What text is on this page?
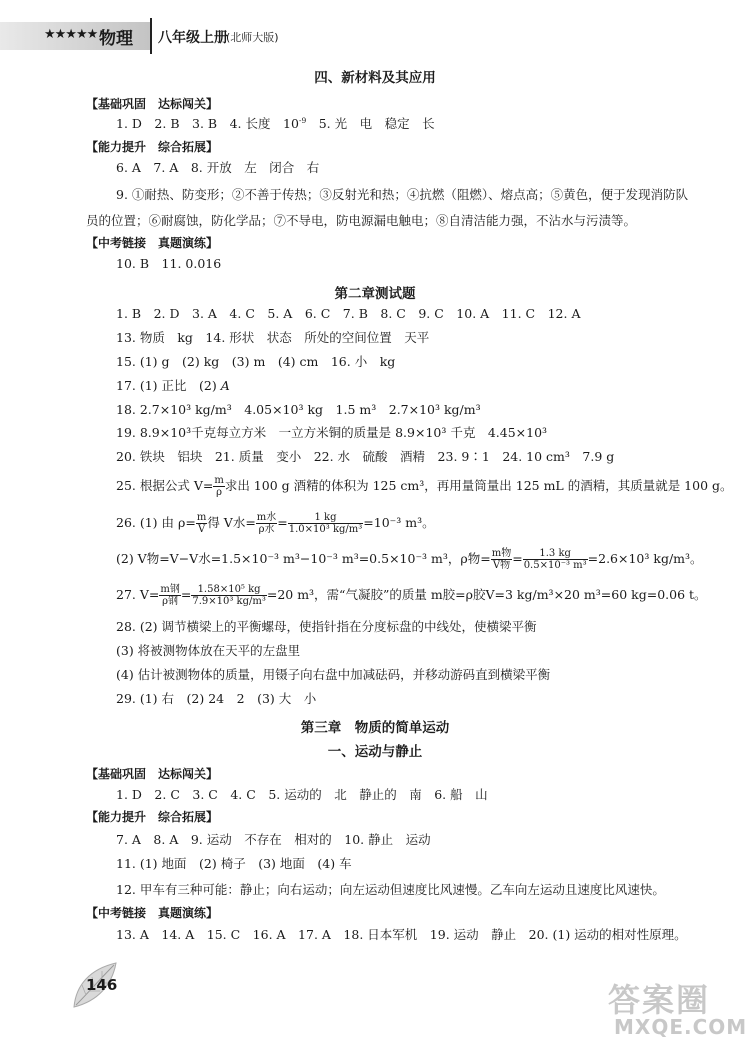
★★★★★ 物理 八年级上册
(北师大版)
四、新材料及其应用
【基础巩固　达标闯关】
1. D　2. B　3. B　4. 长度　$10^{-9}$　5. 光　电　稳定　长
【能力提升　综合拓展】
6. A　7. A　8. 开放　左　闭合　右
9. ①耐热、防变形；②不善于传热；③反射光和热；④抗燃（阻燃）、熔点高；⑤黄色，便于发现消防队
员的位置；⑥耐腐蚀，防化学品；⑦不导电，防电源漏电触电；⑧自清洁能力强，不沾水与污渍等。
【中考链接　真题演练】
10. B　11. 0.016
第二章测试题
1. B　2. D　3. A　4. C　5. A　6. C　7. B　8. C　9. C　10. A　11. C　12. A
13. 物质　kg　14. 形状　状态　所处的空间位置　天平
15. (1) g　(2) kg　(3) m　(4) cm　16. 小　kg
17. (1) 正比　(2) A
18. 2.7×10³ kg/m³　4.05×10³ kg　1.5 m³　2.7×10³ kg/m³
19. 8.9×10³千克每立方米　一立方米铜的质量是 8.9×10³ 千克　4.45×10³
20. 铁块　铝块　21. 质量　变小　22. 水　硫酸　酒精　23. 9∶1　24. 10 cm³　7.9 g
25. 根据公式 $V= \frac{m}{\rho}$ 求出 100 g 酒精的体积为 125 cm³，再用量筒量出 125 mL 的酒精，其质量就是 100 g。
26. (1) 由 $\rho= \frac{m}{V}$ 得 V水= $\frac{\text{m水}}{\text{ρ水}} = \frac{1 kg}{\text{1.0×10³ kg/m³}} =10^{-3}$ m³。
(2) V物=V−V水=1.5×10⁻³ m³−10⁻³ m³=0.5×10⁻³ m³，ρ物= $\frac{\text{m物}}{\text{V物}} = \frac{1.3 kg}{\text{0.5×10⁻³ m³}} =2.6\times 10^3$ kg/m³。
27. $V= \frac{\text{m钢}}{\text{ρ钢}} = \frac{\text{1.58×10⁵ kg}}{\text{7.9×10³ kg/m³}} =20$ m³，需“气凝胶”的质量 m胶=ρ胶V=3 kg/m³×20 m³=60 kg=0.06 t。
28. (2) 调节横梁上的平衡螺母，使指针指在分度标盘的中线处，使横梁平衡
(3) 将被测物体放在天平的左盘里
(4) 估计被测物体的质量，用镊子向右盘中加减砝码，并移动游码直到横梁平衡
29. (1) 右　(2) 24　2　(3) 大　小
第三章　物质的简单运动
一、运动与静止
【基础巩固　达标闯关】
1. D　2. C　3. C　4. C　5. 运动的　北　静止的　南　6. 船　山
【能力提升　综合拓展】
7. A　8. A　9. 运动　不存在　相对的　10. 静止　运动
11. (1) 地面　(2) 椅子　(3) 地面　(4) 车
12. 甲车有三种可能：静止；向右运动；向左运动但速度比风速慢。乙车向左运动且速度比风速快。
【中考链接　真题演练】
13. A　14. A　15. C　16. A　17. A　18. 日本军机　19. 运动　静止　20. (1) 运动的相对性原理。
146	答案圈
MXQE.COM
